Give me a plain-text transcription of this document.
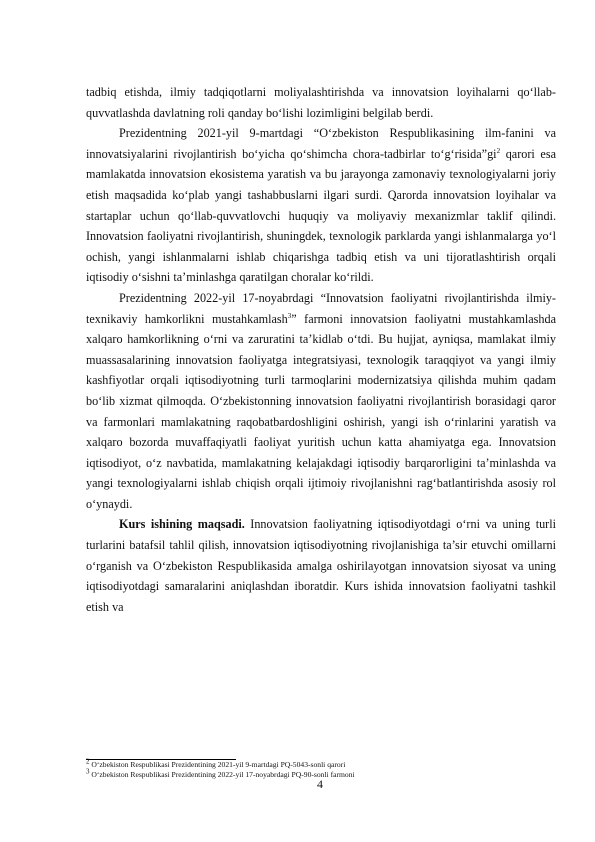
tadbiq etishda, ilmiy tadqiqotlarni moliyalashtirishda va innovatsion loyihalarni qo‘llab-quvvatlashda davlatning roli qanday bo‘lishi lozimligini belgilab berdi.

Prezidentning 2021-yil 9-martdagi “O‘zbekiston Respublikasining ilm-fanini va innovatsiyalarini rivojlantirish bo‘yicha qo‘shimcha chora-tadbirlar $to‘g‘risida”gi^2$ qarori esa mamlakatda innovatsion ekosistema yaratish va bu jarayonga zamonaviy texnologiyalarni joriy etish maqsadida ko‘plab yangi tashabbuslarni ilgari surdi. Qarorda innovatsion loyihalar va startaplar uchun qo‘llab-quvvatlovchi huquqiy va moliyaviy mexanizmlar taklif qilindi. Innovatsion faoliyatni rivojlantirish, shuningdek, texnologik parklarda yangi ishlanmalarga yo‘l ochish, yangi ishlanmalarni ishlab chiqarishga tadbiq etish va uni tijoratlashtirish orqali iqtisodiy o‘sishni ta’minlashga qaratilgan choralar ko‘rildi.

Prezidentning 2022-yil 17-noyabrdagi “Innovatsion faoliyatni rivojlantirishda ilmiy-texnikaviy hamkorlikni mustahkamlash$^3$” farmoni innovatsion faoliyatni mustahkamlashda xalqaro hamkorlikning o‘rni va zaruratini ta’kidlab o‘tdi. Bu hujjat, ayniqsa, mamlakat ilmiy muassasalarining innovatsion faoliyatga integratsiyasi, texnologik taraqqiyot va yangi ilmiy kashfiyotlar orqali iqtisodiyotning turli tarmoqlarini modernizatsiya qilishda muhim qadam bo‘lib xizmat qilmoqda. O‘zbekistonning innovatsion faoliyatni rivojlantirish borasidagi qaror va farmonlari mamlakatning raqobatbardoshligini oshirish, yangi ish o‘rinlarini yaratish va xalqaro bozorda muvaffaqiyatli faoliyat yuritish uchun katta ahamiyatga ega. Innovatsion iqtisodiyot, o‘z navbatida, mamlakatning kelajakdagi iqtisodiy barqarorligini ta’minlashda va yangi texnologiyalarni ishlab chiqish orqali ijtimoiy rivojlanishni rag‘batlantirishda asosiy rol o‘ynaydi.

Kurs ishining maqsadi. Innovatsion faoliyatning iqtisodiyotdagi o‘rni va uning turli turlarini batafsil tahlil qilish, innovatsion iqtisodiyotning rivojlanishiga ta’sir etuvchi omillarni o‘rganish va O‘zbekiston Respublikasida amalga oshirilayotgan innovatsion siyosat va uning iqtisodiyotdagi samaralarini aniqlashdan iboratdir. Kurs ishida innovatsion faoliyatni tashkil etish va

$^2$ O‘zbekiston Respublikasi Prezidentining 2021-yil 9-martdagi PQ-5043-sonli qarori
$^3$ O‘zbekiston Respublikasi Prezidentining 2022-yil 17-noyabrdagi PQ-90-sonli farmoni
4
